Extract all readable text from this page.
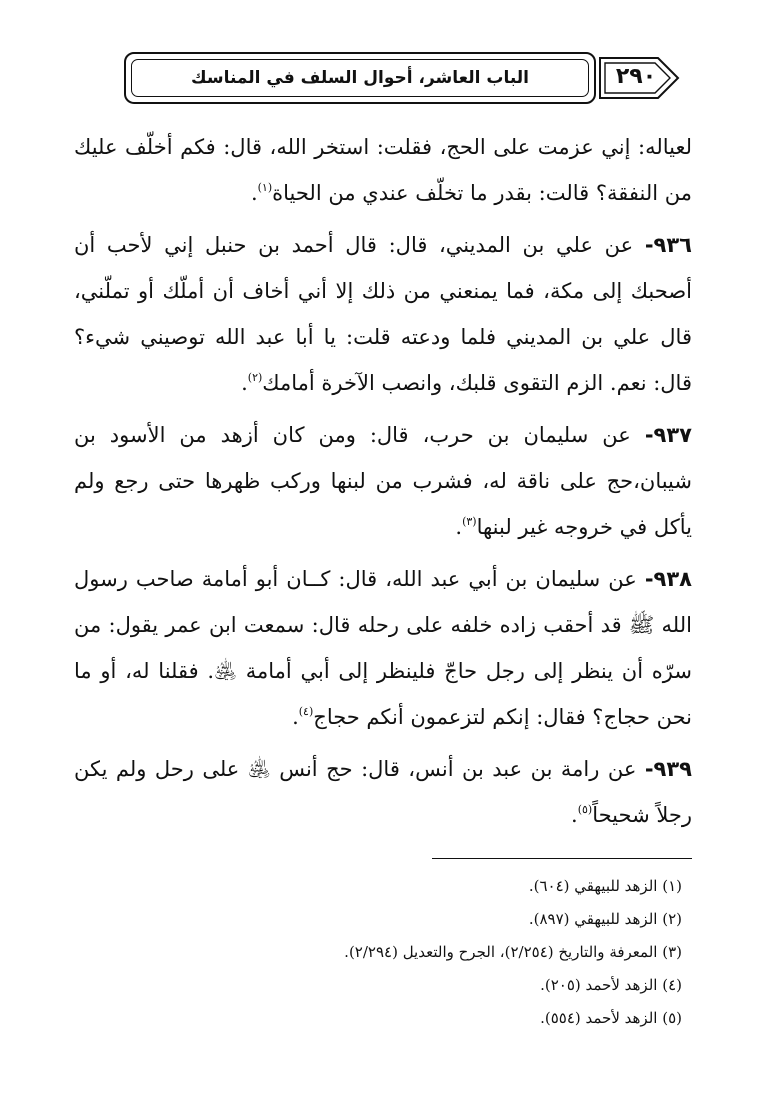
الباب العاشر، أحوال السلف في المناسك	٢٩٠

لعياله: إني عزمت على الحج، فقلت: استخر الله، قال: فكم أخلّف عليك من النفقة؟ قالت: بقدر ما تخلّف عندي من الحياة$^{(١)}$.

٩٣٦- عن علي بن المديني، قال: قال أحمد بن حنبل إني لأحب أن أصحبك إلى مكة، فما يمنعني من ذلك إلا أني أخاف أن أملّك أو تملّني، قال علي بن المديني فلما ودعته قلت: يا أبا عبد الله توصيني شيء؟ قال: نعم. الزم التقوى قلبك، وانصب الآخرة أمامك$^{(٢)}$.

٩٣٧- عن سليمان بن حرب، قال: ومن كان أزهد من الأسود بن شيبان،حج على ناقة له، فشرب من لبنها وركب ظهرها حتى رجع ولم يأكل في خروجه غير لبنها$^{(٣)}$.

٩٣٨- عن سليمان بن أبي عبد الله، قال: كــان أبو أمامة صاحب رسول الله ﷺ قد أحقب زاده خلفه على رحله قال: سمعت ابن عمر يقول: من سرّه أن ينظر إلى رجل حاجّ فلينظر إلى أبي أمامة ﵁. فقلنا له، أو ما نحن حجاج؟ فقال: إنكم لتزعمون أنكم حجاج$^{(٤)}$.

٩٣٩- عن رامة بن عبد بن أنس، قال: حج أنس ﵁ على رحل ولم يكن رجلاً شحيحاً$^{(٥)}$.

(١) الزهد للبيهقي (٦٠٤).
(٢) الزهد للبيهقي (٨٩٧).
(٣) المعرفة والتاريخ (٢/٢٥٤)، الجرح والتعديل (٢/٢٩٤).
(٤) الزهد لأحمد (٢٠٥).
(٥) الزهد لأحمد (٥٥٤).
